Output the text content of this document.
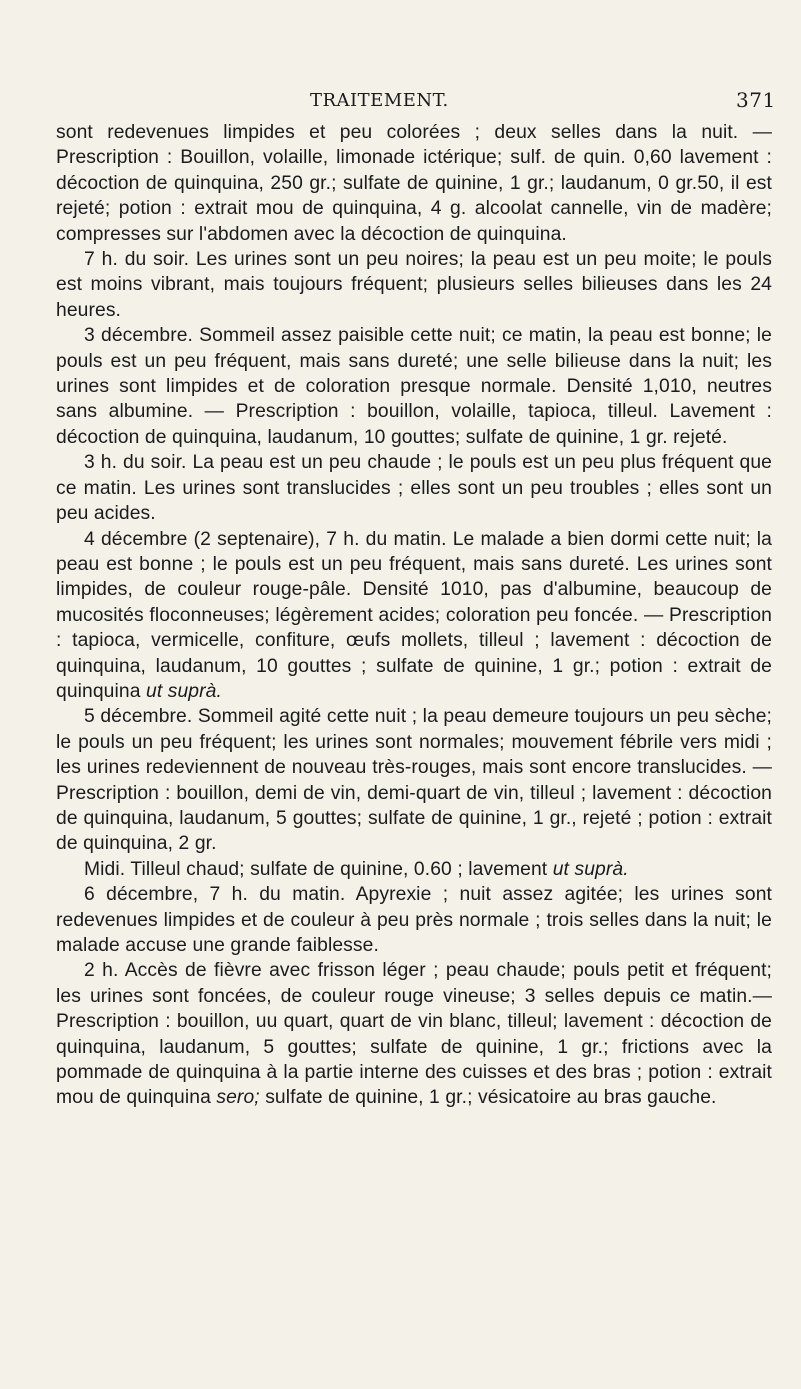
TRAITEMENT.	371

sont redevenues limpides et peu colorées ; deux selles dans la nuit. — Prescription : Bouillon, volaille, limonade ictérique; sulf. de quin. 0,60 lavement : décoction de quinquina, 250 gr.; sulfate de quinine, 1 gr.; laudanum, 0 gr.50, il est rejeté; potion : extrait mou de quinquina, 4 g. alcoolat cannelle, vin de madère; compresses sur l'abdomen avec la décoction de quinquina.

7 h. du soir. Les urines sont un peu noires; la peau est un peu moite; le pouls est moins vibrant, mais toujours fréquent; plusieurs selles bilieuses dans les 24 heures.

3 décembre. Sommeil assez paisible cette nuit; ce matin, la peau est bonne; le pouls est un peu fréquent, mais sans dureté; une selle bilieuse dans la nuit; les urines sont limpides et de coloration presque normale. Densité 1,010, neutres sans albumine. — Prescription : bouillon, volaille, tapioca, tilleul. Lavement : décoction de quinquina, laudanum, 10 gouttes; sulfate de quinine, 1 gr. rejeté.

3 h. du soir. La peau est un peu chaude ; le pouls est un peu plus fréquent que ce matin. Les urines sont translucides ; elles sont un peu troubles ; elles sont un peu acides.

4 décembre (2 septenaire), 7 h. du matin. Le malade a bien dormi cette nuit; la peau est bonne ; le pouls est un peu fréquent, mais sans dureté. Les urines sont limpides, de couleur rouge-pâle. Densité 1010, pas d'albumine, beaucoup de mucosités floconneuses; légèrement acides; coloration peu foncée. — Prescription : tapioca, vermicelle, confiture, œufs mollets, tilleul ; lavement : décoction de quinquina, laudanum, 10 gouttes ; sulfate de quinine, 1 gr.; potion : extrait de quinquina ut suprà.

5 décembre. Sommeil agité cette nuit ; la peau demeure toujours un peu sèche; le pouls un peu fréquent; les urines sont normales; mouvement fébrile vers midi ; les urines redeviennent de nouveau très-rouges, mais sont encore translucides. — Prescription : bouillon, demi de vin, demi-quart de vin, tilleul ; lavement : décoction de quinquina, laudanum, 5 gouttes; sulfate de quinine, 1 gr., rejeté ; potion : extrait de quinquina, 2 gr.

Midi. Tilleul chaud; sulfate de quinine, 0.60 ; lavement ut suprà.

6 décembre, 7 h. du matin. Apyrexie ; nuit assez agitée; les urines sont redevenues limpides et de couleur à peu près normale ; trois selles dans la nuit; le malade accuse une grande faiblesse.

2 h. Accès de fièvre avec frisson léger ; peau chaude; pouls petit et fréquent; les urines sont foncées, de couleur rouge vineuse; 3 selles depuis ce matin.— Prescription : bouillon, uu quart, quart de vin blanc, tilleul; lavement : décoction de quinquina, laudanum, 5 gouttes; sulfate de quinine, 1 gr.; frictions avec la pommade de quinquina à la partie interne des cuisses et des bras ; potion : extrait mou de quinquina sero; sulfate de quinine, 1 gr.; vésicatoire au bras gauche.
